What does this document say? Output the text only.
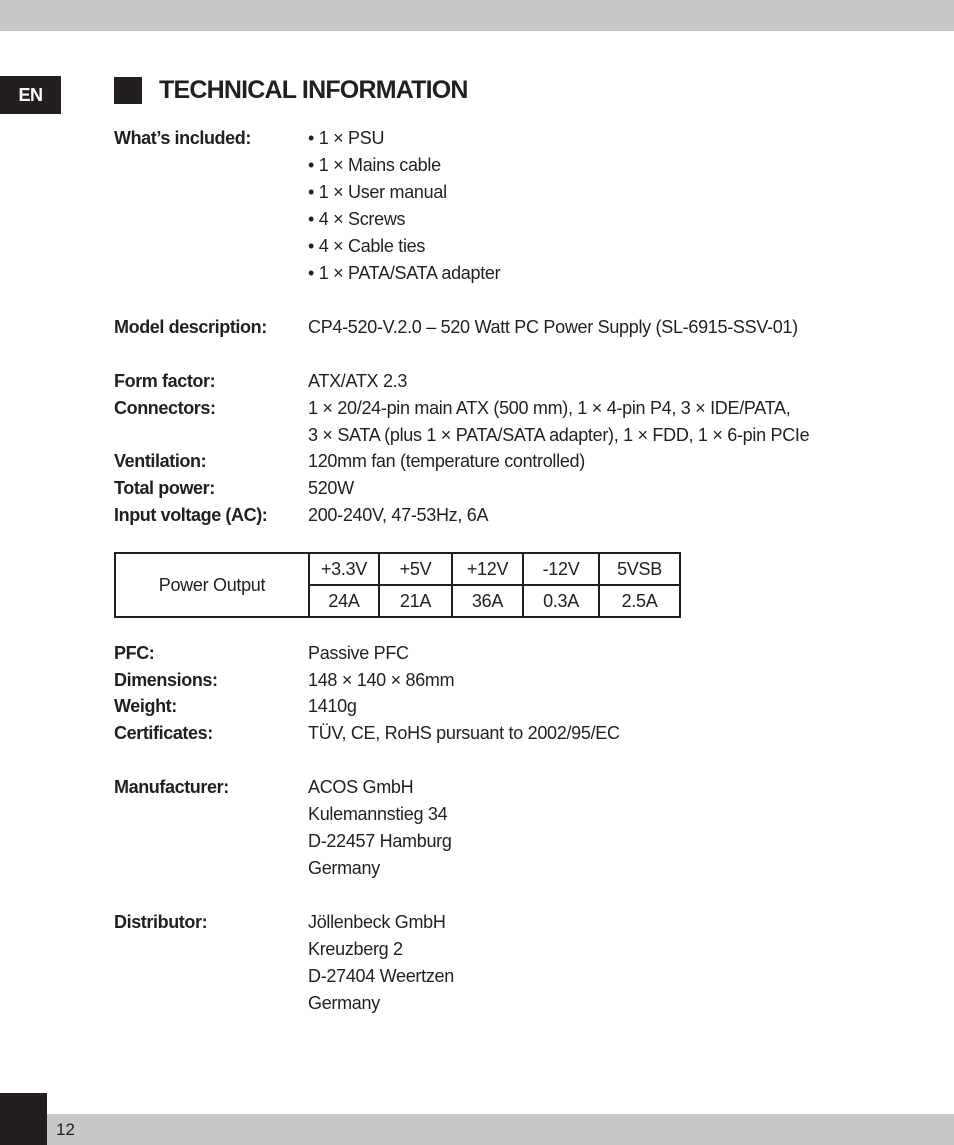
EN	TECHNICAL INFORMATION
What’s included:	• 1 × PSU
• 1 × Mains cable
• 1 × User manual
• 4 × Screws
• 4 × Cable ties
• 1 × PATA/SATA adapter
Model description: CP4-520-V.2.0 – 520 Watt PC Power Supply (SL-6915-SSV-01)
Form factor:	ATX/ATX 2.3
Connectors:	1 × 20/24-pin main ATX (500 mm), 1 × 4-pin P4, 3 × IDE/PATA,
3 × SATA (plus 1 × PATA/SATA adapter), 1 × FDD, 1 × 6-pin PCIe
Ventilation:	120mm fan (temperature controlled)
Total power:	520W
Input voltage (AC): 200-240V, 47-53Hz, 6A
Power Output	+3.3V	+5V	+12V	-12V	5VSB
	24A	21A	36A	0.3A	2.5A
PFC:	Passive PFC
Dimensions:	148 × 140 × 86mm
Weight:	1410g
Certificates:	TÜV, CE, RoHS pursuant to 2002/95/EC
Manufacturer:	ACOS GmbH
Kulemannstieg 34
D-22457 Hamburg
Germany
Distributor:	Jöllenbeck GmbH
Kreuzberg 2
D-27404 Weertzen
Germany
12
